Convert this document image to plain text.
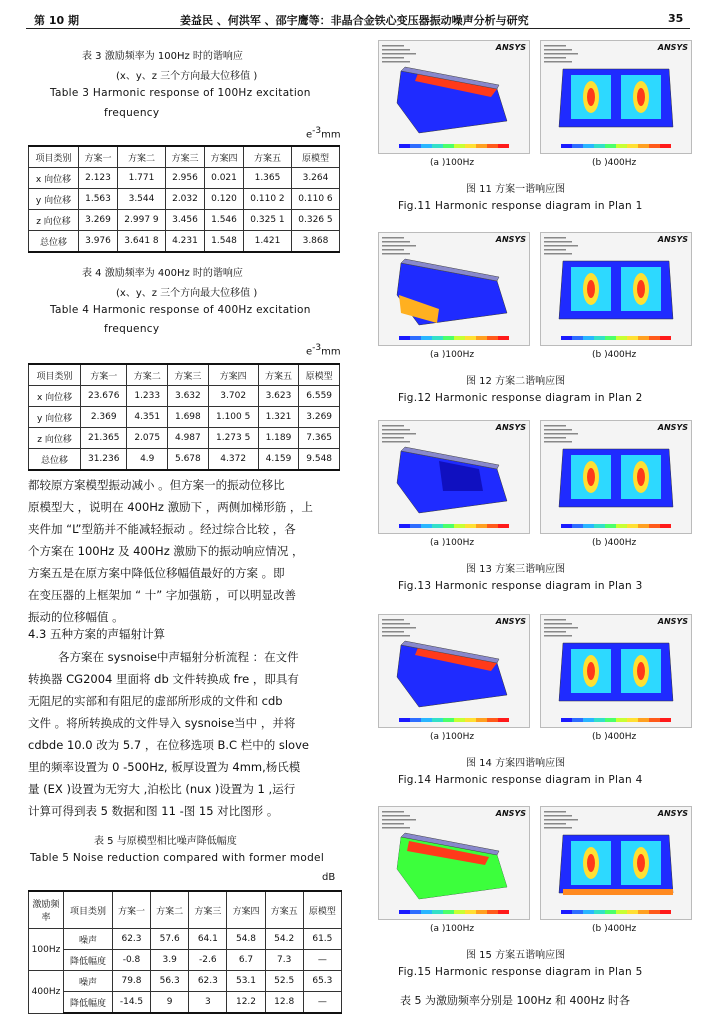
第 10 期	姜益民 、何洪军 、邵宇鹰等：非晶合金铁心变压器振动噪声分析与研究	35
表 3 激励频率为 100Hz 时的谐响应
(x、y、z 三个方向最大位移值 )
Table 3 Harmonic response of 100Hz excitation
frequency
e-3mm
项目类别	方案一	方案二	方案三	方案四	方案五	原模型
x 向位移	2.123	1.771	2.956	0.021	1.365	3.264
y 向位移	1.563	3.544	2.032	0.120	0.110 2	0.110 6
z 向位移	3.269	2.997 9	3.456	1.546	0.325 1	0.326 5
总位移	3.976	3.641 8	4.231	1.548	1.421	3.868
表 4 激励频率为 400Hz 时的谐响应
(x、y、z 三个方向最大位移值 )
Table 4 Harmonic response of 400Hz excitation
frequency
e-3mm
项目类别	方案一	方案二	方案三	方案四	方案五	原模型
x 向位移	23.676	1.233	3.632	3.702	3.623	6.559
y 向位移	2.369	4.351	1.698	1.100 5	1.321	3.269
z 向位移	21.365	2.075	4.987	1.273 5	1.189	7.365
总位移	31.236	4.9	5.678	4.372	4.159	9.548

都较原方案模型振动减小 。但方案一的振动位移比

原模型大 ，说明在 400Hz 激励下 ，两侧加梯形筋 ，上

夹件加 “L”型筋并不能减轻振动 。经过综合比较 ，各

个方案在 100Hz 及 400Hz 激励下的振动响应情况 ，

方案五是在原方案中降低位移幅值最好的方案 。即

在变压器的上框架加 “ 十” 字加强筋 ，可以明显改善

振动的位移幅值 。

4.3 五种方案的声辐射计算

各方案在 sysnoise中声辐射分析流程 ：在文件

转换器 CG2004 里面将 db 文件转换成 fre ，即具有

无阻尼的实部和有阻尼的虚部所形成的文件和 cdb

文件 。将所转换成的文件导入 sysnoise当中 ，并将

cdbde 10.0 改为 5.7 ，在位移选项 B.C 栏中的 slove

里的频率设置为 0 -500Hz, 板厚设置为 4mm,杨氏模

量 (EX )设置为无穷大 ,泊松比 (nux )设置为 1 ,运行

计算可得到表 5 数据和图 11 -图 15 对比图形 。

表 5 与原模型相比噪声降低幅度
Table 5 Noise reduction compared with former model
dB
激励频率	项目类别	方案一	方案二	方案三	方案四	方案五	原模型
100Hz	噪声	62.3	57.6	64.1	54.8	54.2	61.5
	降低幅度	-0.8	3.9	-2.6	6.7	7.3	—
400Hz	噪声	79.8	56.3	62.3	53.1	52.5	65.3
	降低幅度	-14.5	9	3	12.2	12.8	—
ANSYS
(a )100Hz
ANSYS
(b )400Hz
图 11 方案一谐响应图
Fig.11 Harmonic response diagram in Plan 1
ANSYS
(a )100Hz
ANSYS
(b )400Hz
图 12 方案二谐响应图
Fig.12 Harmonic response diagram in Plan 2
ANSYS
(a )100Hz
ANSYS
(b )400Hz
图 13 方案三谐响应图
Fig.13 Harmonic response diagram in Plan 3
ANSYS
(a )100Hz
ANSYS
(b )400Hz
图 14 方案四谐响应图
Fig.14 Harmonic response diagram in Plan 4
ANSYS
(a )100Hz
ANSYS
(b )400Hz
图 15 方案五谐响应图
Fig.15 Harmonic response diagram in Plan 5
表 5 为激励频率分别是 100Hz 和 400Hz 时各
